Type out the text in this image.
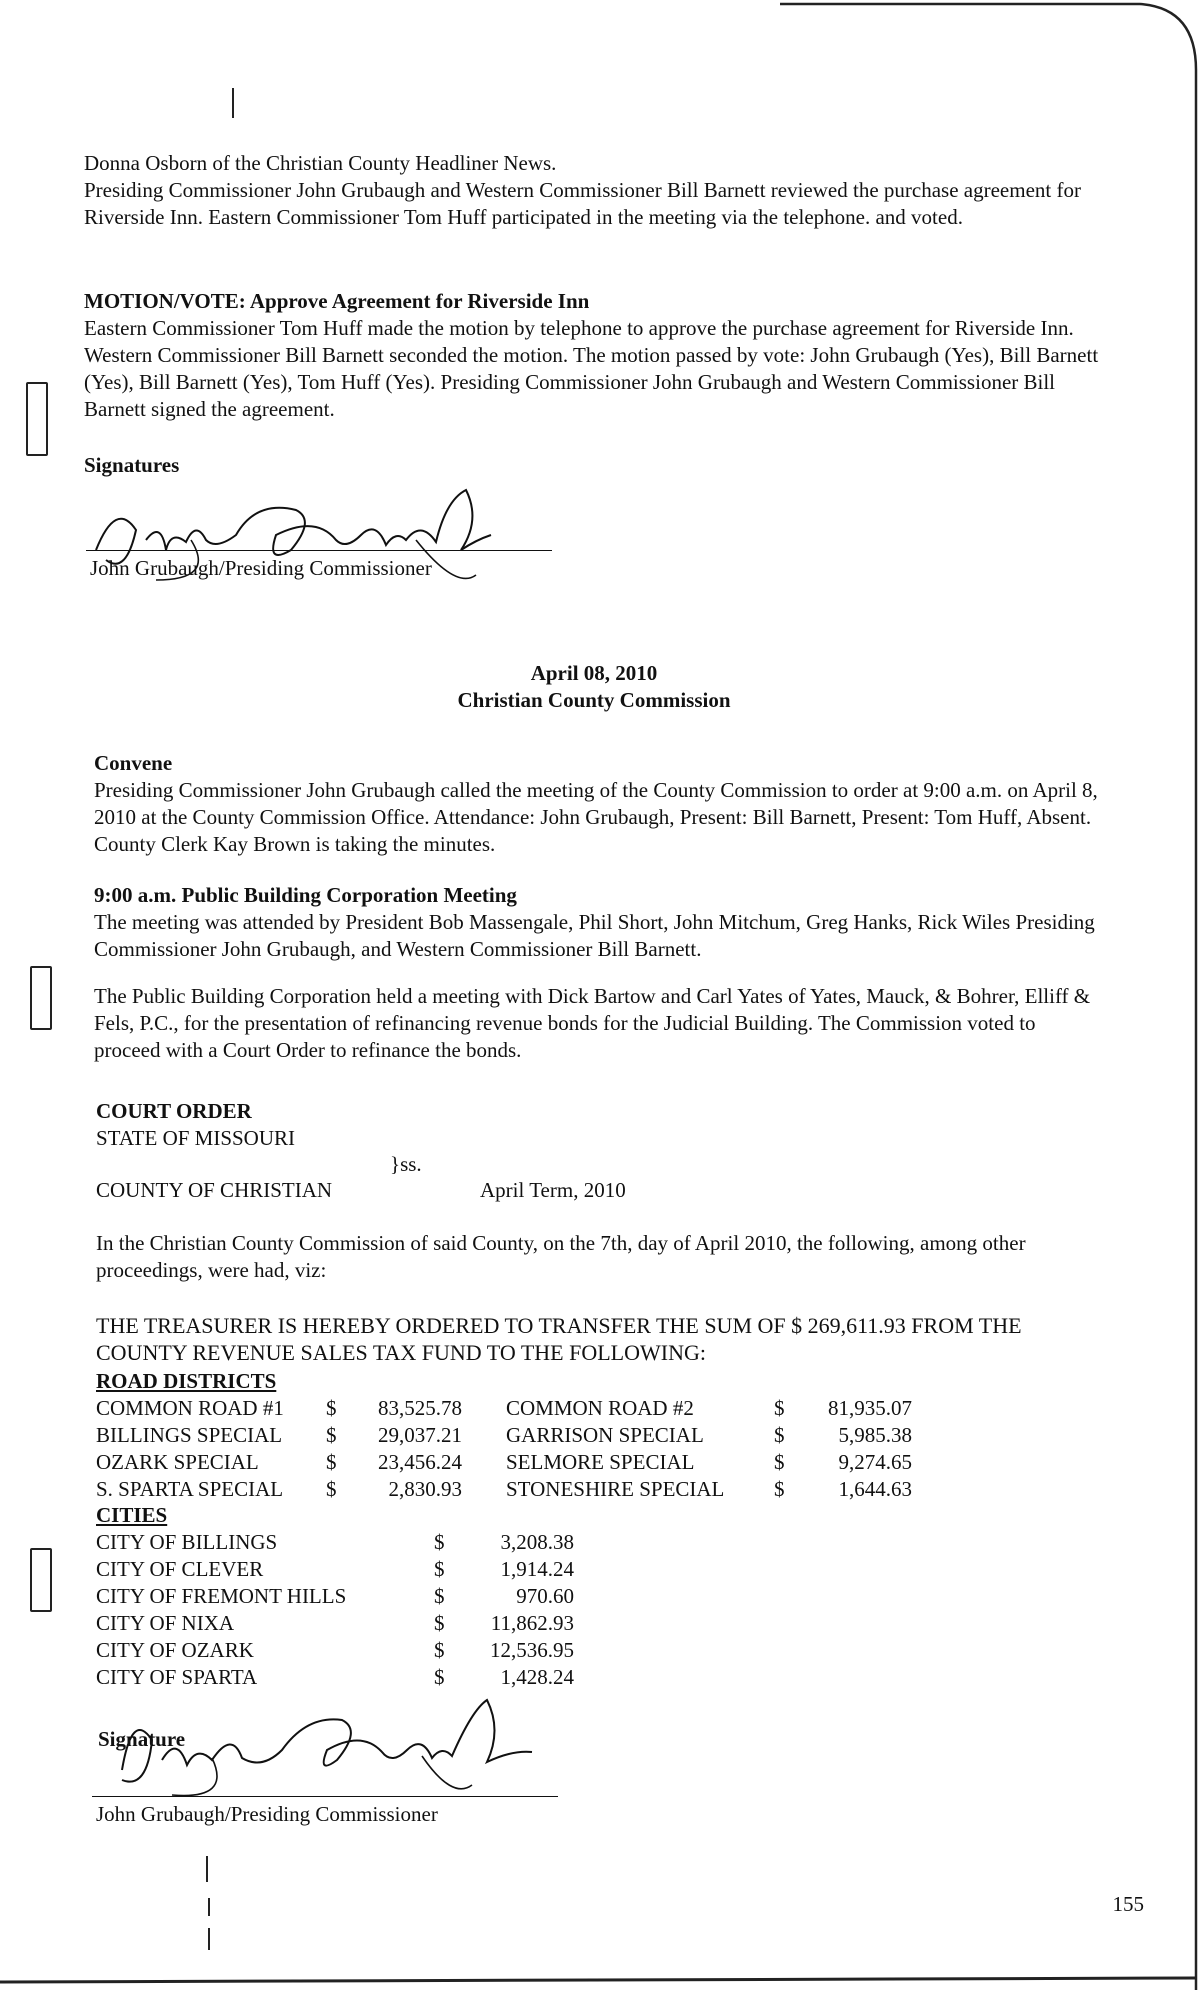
Donna Osborn of the Christian County Headliner News.

Presiding Commissioner John Grubaugh and Western Commissioner Bill Barnett reviewed the purchase agreement for Riverside Inn. Eastern Commissioner Tom Huff participated in the meeting via the telephone. and voted.

MOTION/VOTE: Approve Agreement for Riverside Inn

Eastern Commissioner Tom Huff made the motion by telephone to approve the purchase agreement for Riverside Inn. Western Commissioner Bill Barnett seconded the motion. The motion passed by vote: John Grubaugh (Yes), Bill Barnett (Yes), Bill Barnett (Yes), Tom Huff (Yes). Presiding Commissioner John Grubaugh and Western Commissioner Bill Barnett signed the agreement.

Signatures
John Grubaugh/Presiding Commissioner

April 08, 2010

Christian County Commission

Convene

Presiding Commissioner John Grubaugh called the meeting of the County Commission to order at 9:00 a.m. on April 8, 2010 at the County Commission Office. Attendance: John Grubaugh, Present: Bill Barnett, Present: Tom Huff, Absent. County Clerk Kay Brown is taking the minutes.

9:00 a.m. Public Building Corporation Meeting

The meeting was attended by President Bob Massengale, Phil Short, John Mitchum, Greg Hanks, Rick Wiles Presiding Commissioner John Grubaugh, and Western Commissioner Bill Barnett.

The Public Building Corporation held a meeting with Dick Bartow and Carl Yates of Yates, Mauck, & Bohrer, Elliff & Fels, P.C., for the presentation of refinancing revenue bonds for the Judicial Building. The Commission voted to proceed with a Court Order to refinance the bonds.

COURT ORDER

STATE OF MISSOURI

}ss.
COUNTY OF CHRISTIAN	April Term, 2010

In the Christian County Commission of said County, on the 7th, day of April 2010, the following, among other proceedings, were had, viz:

THE TREASURER IS HEREBY ORDERED TO TRANSFER THE SUM OF $ 269,611.93 FROM THE COUNTY REVENUE SALES TAX FUND TO THE FOLLOWING:

ROAD DISTRICTS

COMMON ROAD #1	$	83,525.78	COMMON ROAD #2	$	81,935.07
BILLINGS SPECIAL	$	29,037.21	GARRISON SPECIAL	$	5,985.38
OZARK SPECIAL	$	23,456.24	SELMORE SPECIAL	$	9,274.65
S. SPARTA SPECIAL	$	2,830.93	STONESHIRE SPECIAL	$	1,644.63

CITIES

CITY OF BILLINGS	$	3,208.38
CITY OF CLEVER	$	1,914.24
CITY OF FREMONT HILLS	$	970.60
CITY OF NIXA	$	11,862.93
CITY OF OZARK	$	12,536.95
CITY OF SPARTA	$	1,428.24
Signature
John Grubaugh/Presiding Commissioner
155
